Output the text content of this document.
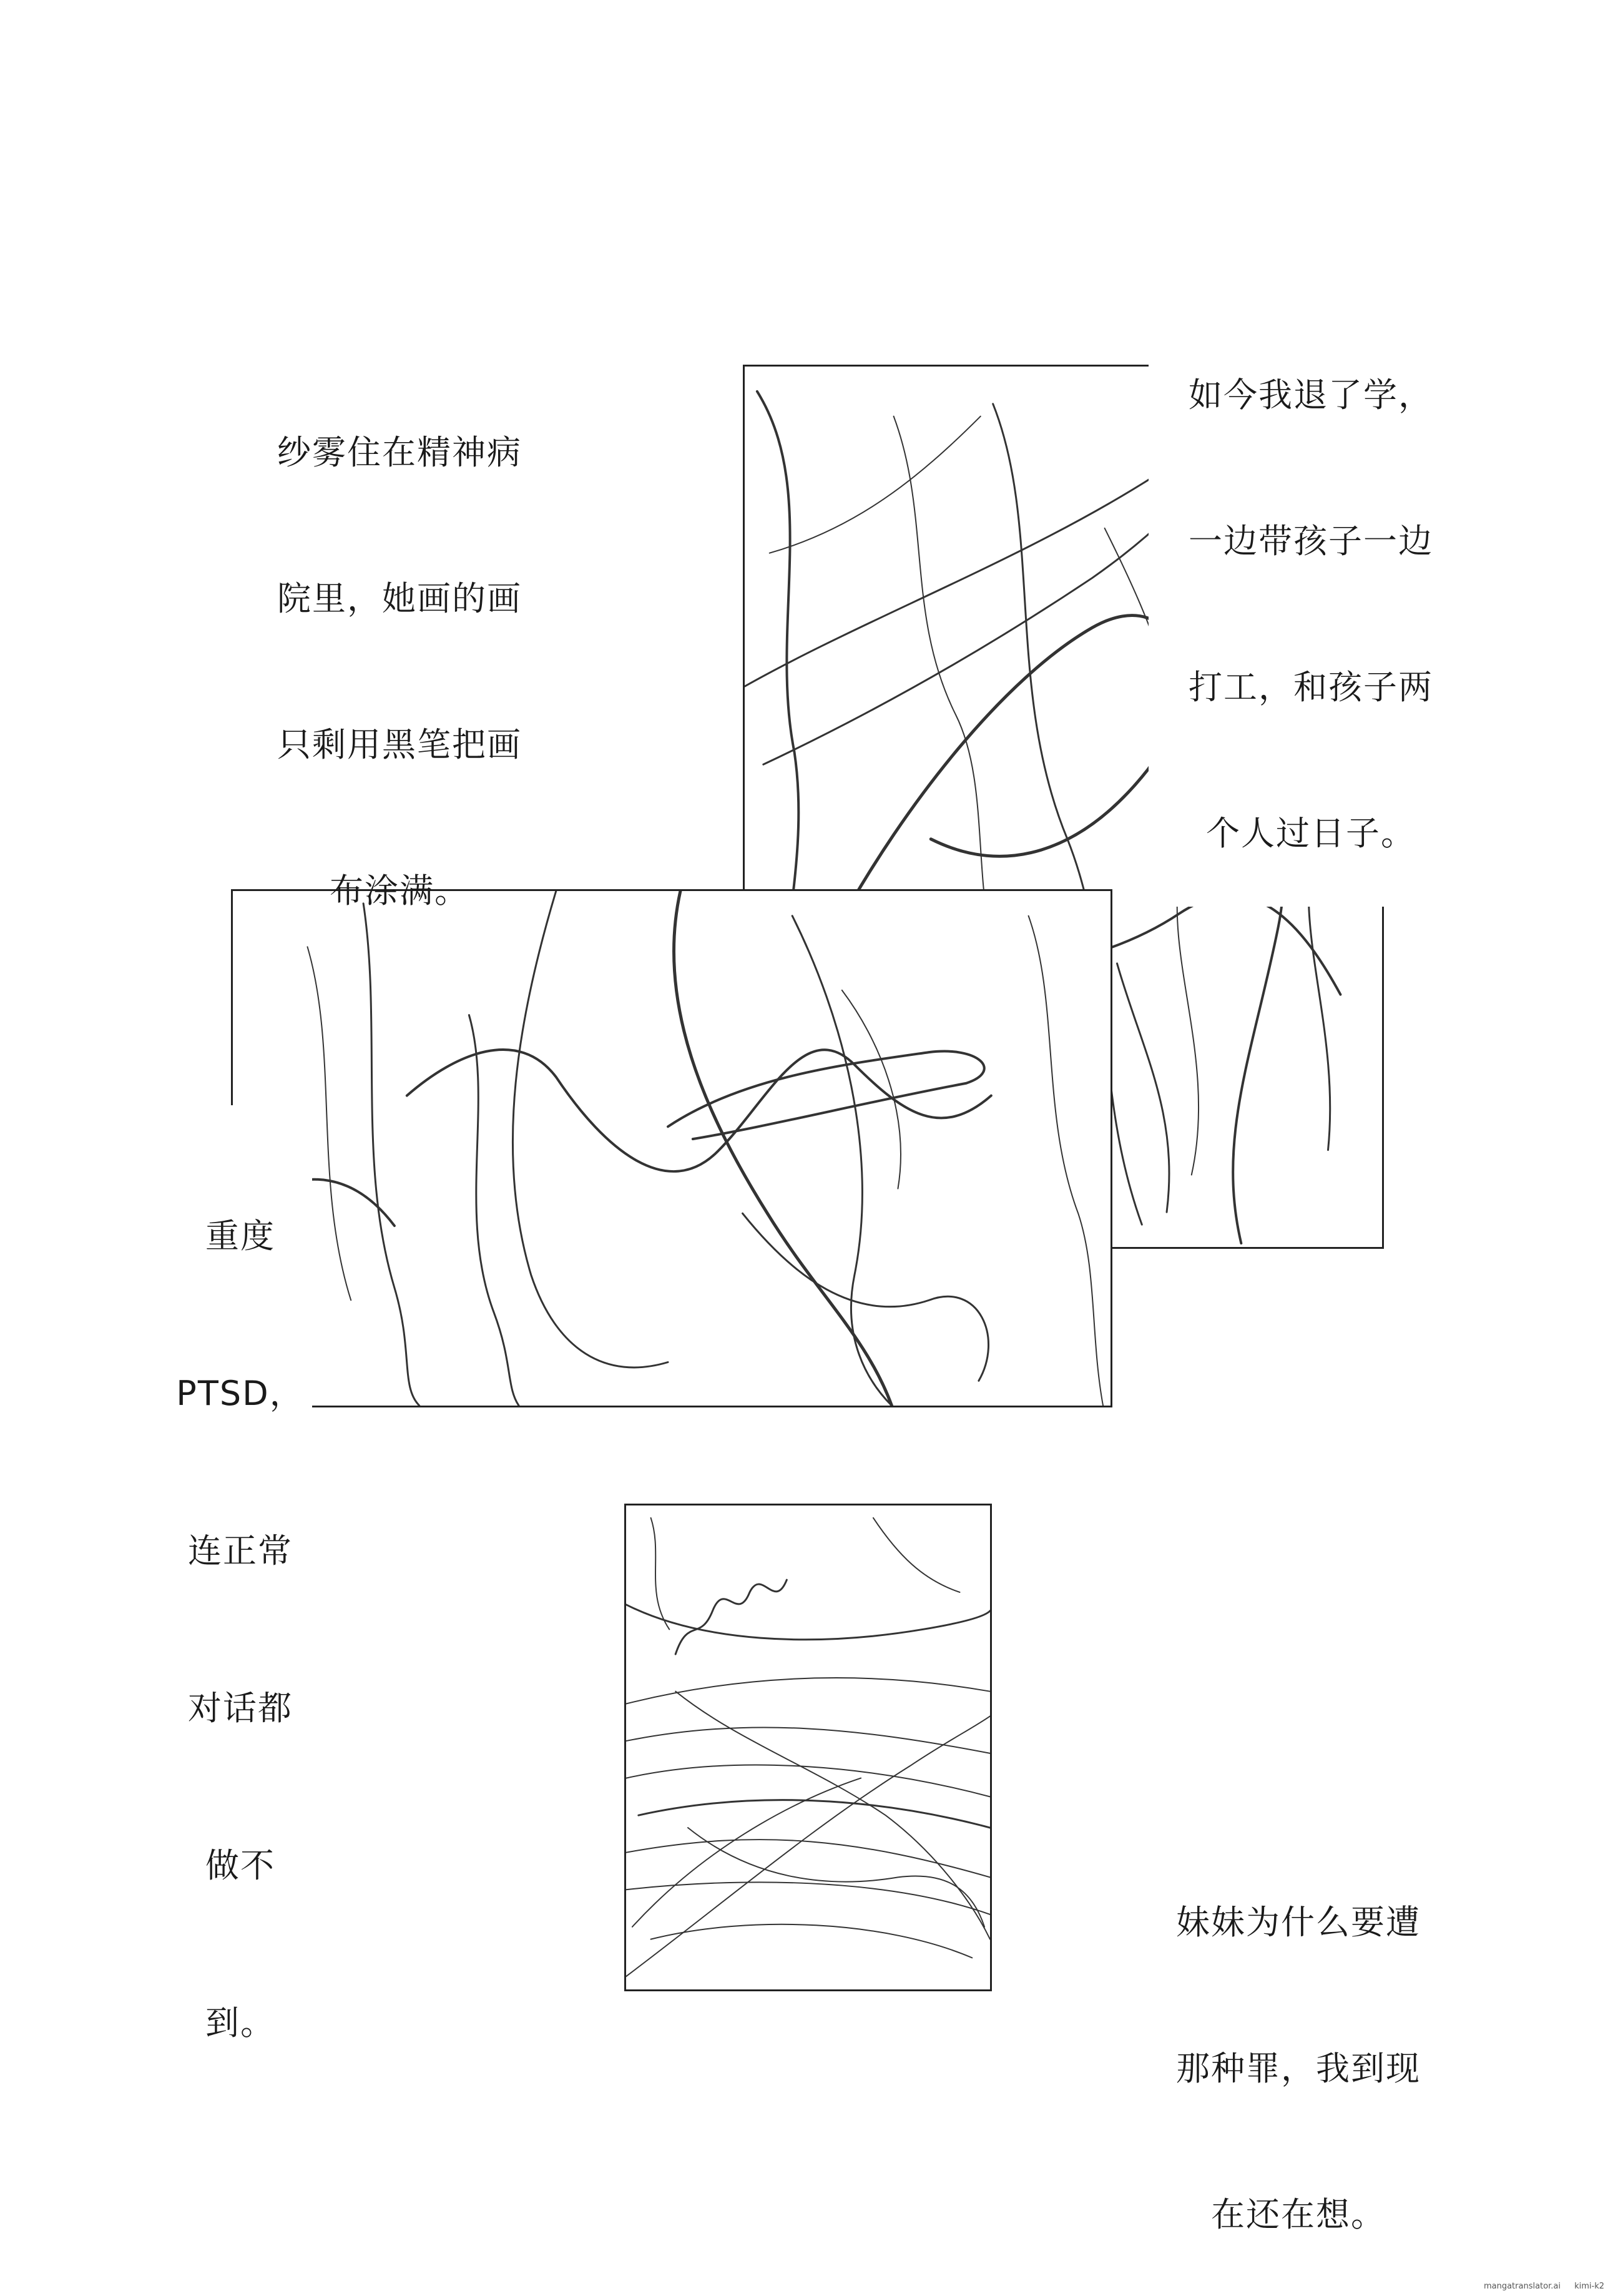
纱雾住在精神病

院里，她画的画

只剩用黑笔把画

布涂满。

如今我退了学，

一边带孩子一边

打工，和孩子两

个人过日子。

重度

PTSD，

连正常

对话都

做不

到。

妹妹为什么要遭

那种罪，我到现

在还在想。

mangatranslator.ai kimi-k2
